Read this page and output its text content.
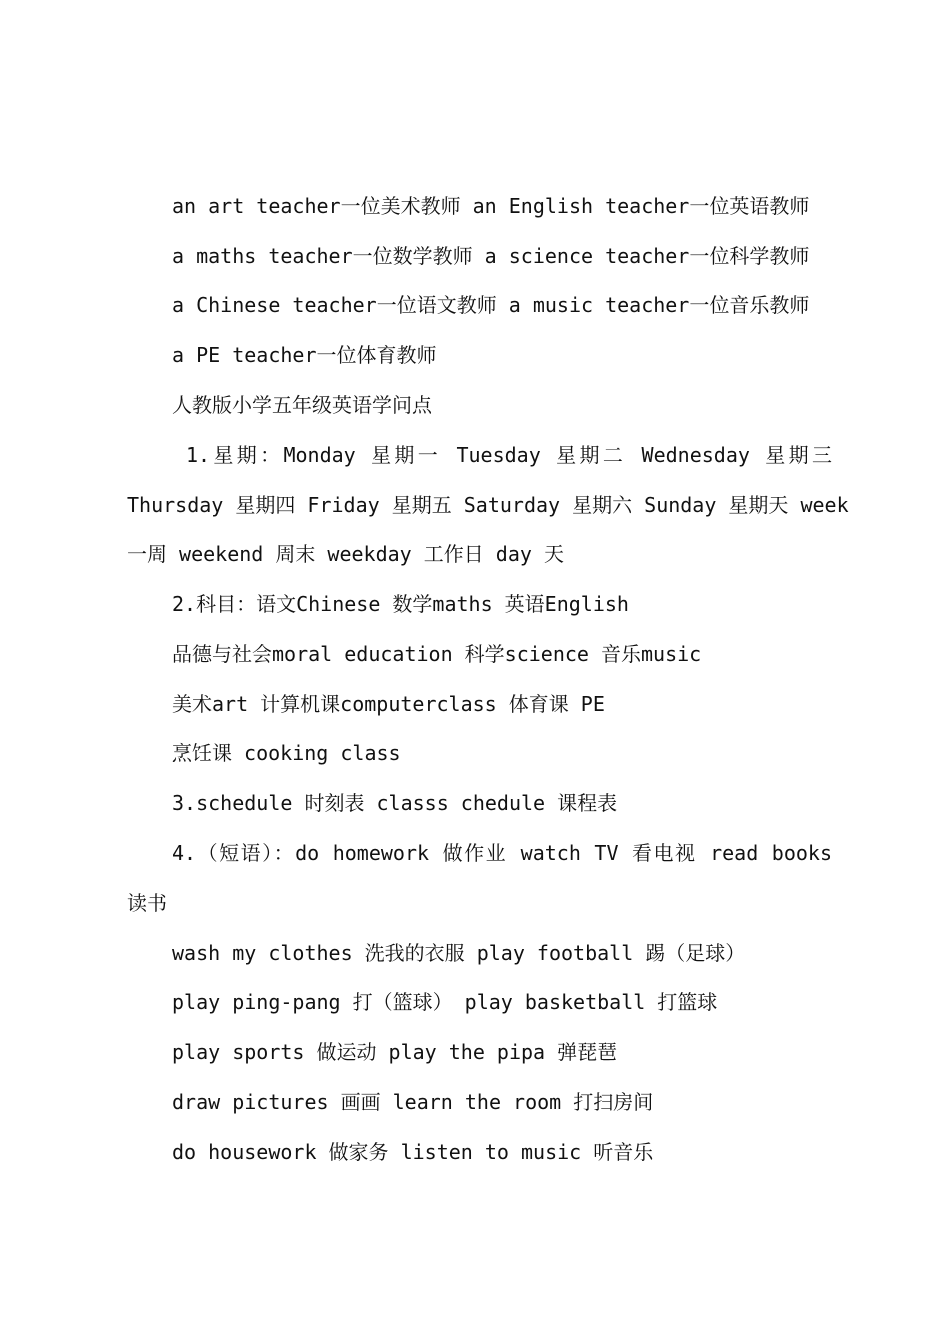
an art teacher一位美术教师 an English teacher一位英语教师
a maths teacher一位数学教师 a science teacher一位科学教师
a Chinese teacher一位语文教师 a music teacher一位音乐教师
a PE teacher一位体育教师
人教版小学五年级英语学问点
1.星期：Monday 星期一 Tuesday 星期二 Wednesday 星期三
Thursday 星期四 Friday 星期五 Saturday 星期六 Sunday 星期天 week
一周 weekend 周末 weekday 工作日 day 天
2.科目：语文Chinese 数学maths 英语English
品德与社会moral education 科学science 音乐music
美术art 计算机课computerclass 体育课 PE
烹饪课 cooking class
3.schedule 时刻表 classs chedule 课程表
4.（短语）：do homework 做作业 watch TV 看电视 read books
读书
wash my clothes 洗我的衣服 play football 踢（足球）
play ping-pang 打（篮球） play basketball 打篮球
play sports 做运动 play the pipa 弹琵琶
draw pictures 画画 learn the room 打扫房间
do housework 做家务 listen to music 听音乐
